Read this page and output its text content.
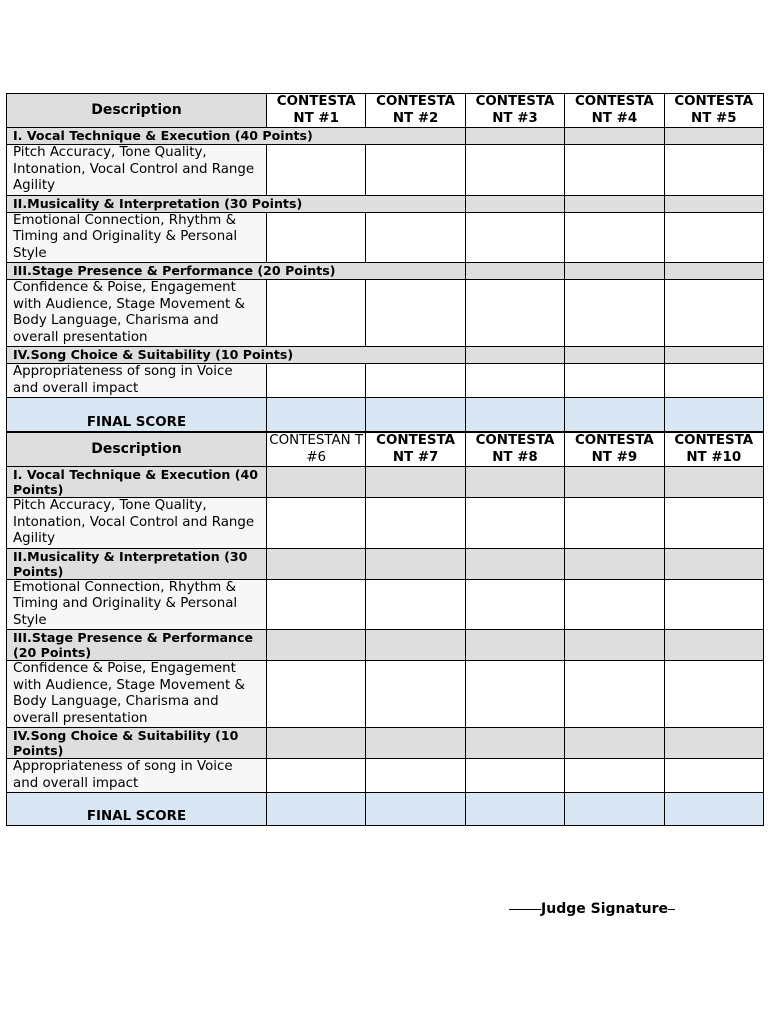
Description	CONTESTA NT #1	CONTESTA NT #2	CONTESTA NT #3	CONTESTA NT #4	CONTESTA NT #5
I. Vocal Technique & Execution (40 Points)					
Pitch Accuracy, Tone Quality, Intonation, Vocal Control and Range Agility					
II.Musicality & Interpretation (30 Points)					
Emotional Connection, Rhythm & Timing and Originality & Personal Style					
III.Stage Presence & Performance (20 Points)					
Confidence & Poise, Engagement with Audience, Stage Movement & Body Language, Charisma and overall presentation					
IV.Song Choice & Suitability (10 Points)					
Appropriateness of song in Voice and overall impact					
FINAL SCORE					
Description	CONTESTAN T #6	CONTESTA NT #7	CONTESTA NT #8	CONTESTA NT #9	CONTESTA NT #10
I. Vocal Technique & Execution (40 Points)					
Pitch Accuracy, Tone Quality, Intonation, Vocal Control and Range Agility					
II.Musicality & Interpretation (30 Points)					
Emotional Connection, Rhythm & Timing and Originality & Personal Style					
III.Stage Presence & Performance (20 Points)					
Confidence & Poise, Engagement with Audience, Stage Movement & Body Language, Charisma and overall presentation					
IV.Song Choice & Suitability (10 Points)					
Appropriateness of song in Voice and overall impact					
FINAL SCORE					
Judge Signature
